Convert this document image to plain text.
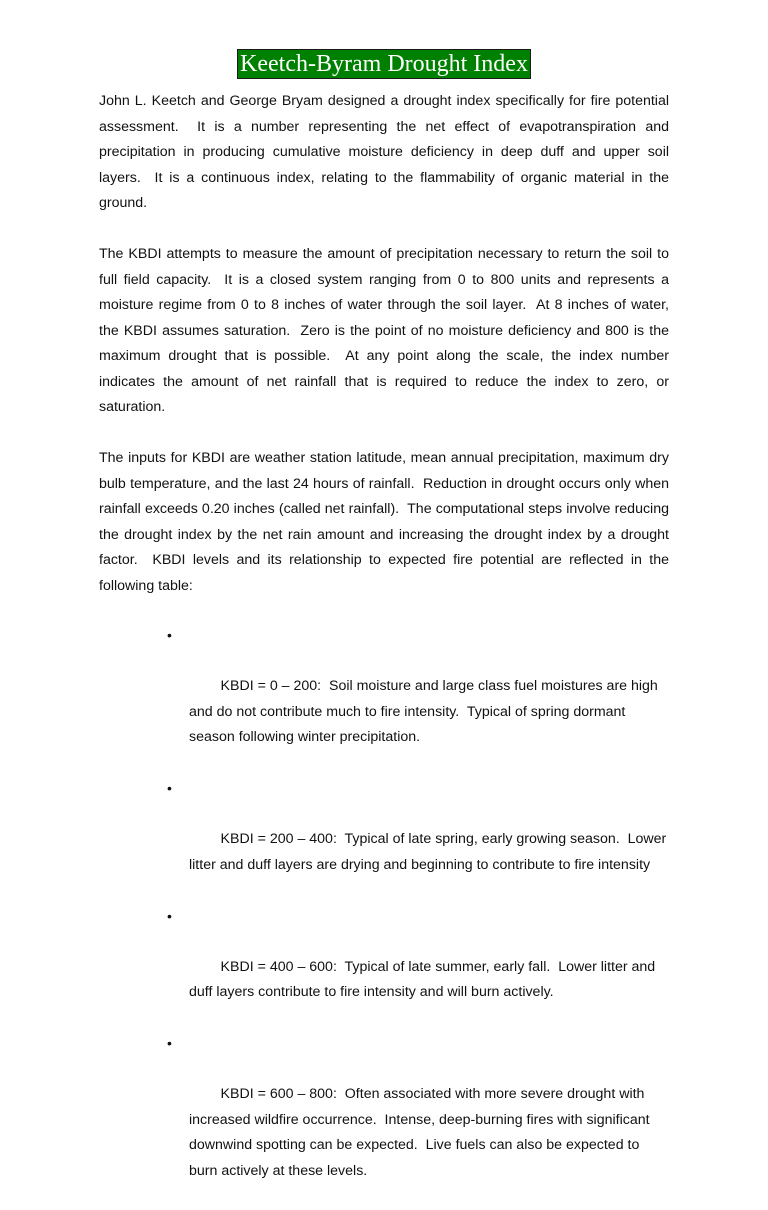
Keetch-Byram Drought Index

John L. Keetch and George Bryam designed a drought index specifically for fire potential assessment.  It is a number representing the net effect of evapotranspiration and precipitation in producing cumulative moisture deficiency in deep duff and upper soil layers.  It is a continuous index, relating to the flammability of organic material in the ground.

The KBDI attempts to measure the amount of precipitation necessary to return the soil to full field capacity.  It is a closed system ranging from 0 to 800 units and represents a moisture regime from 0 to 8 inches of water through the soil layer.  At 8 inches of water, the KBDI assumes saturation.  Zero is the point of no moisture deficiency and 800 is the maximum drought that is possible.  At any point along the scale, the index number indicates the amount of net rainfall that is required to reduce the index to zero, or saturation.

The inputs for KBDI are weather station latitude, mean annual precipitation, maximum dry bulb temperature, and the last 24 hours of rainfall.  Reduction in drought occurs only when rainfall exceeds 0.20 inches (called net rainfall).  The computational steps involve reducing the drought index by the net rain amount and increasing the drought index by a drought factor.  KBDI levels and its relationship to expected fire potential are reflected in the following table:

•

KBDI = 0 – 200:  Soil moisture and large class fuel moistures are high and do not contribute much to fire intensity.  Typical of spring dormant season following winter precipitation.

•

KBDI = 200 – 400:  Typical of late spring, early growing season.  Lower litter and duff layers are drying and beginning to contribute to fire intensity

•

KBDI = 400 – 600:  Typical of late summer, early fall.  Lower litter and duff layers contribute to fire intensity and will burn actively.

•

KBDI = 600 – 800:  Often associated with more severe drought with increased wildfire occurrence.  Intense, deep-burning fires with significant downwind spotting can be expected.  Live fuels can also be expected to burn actively at these levels.
